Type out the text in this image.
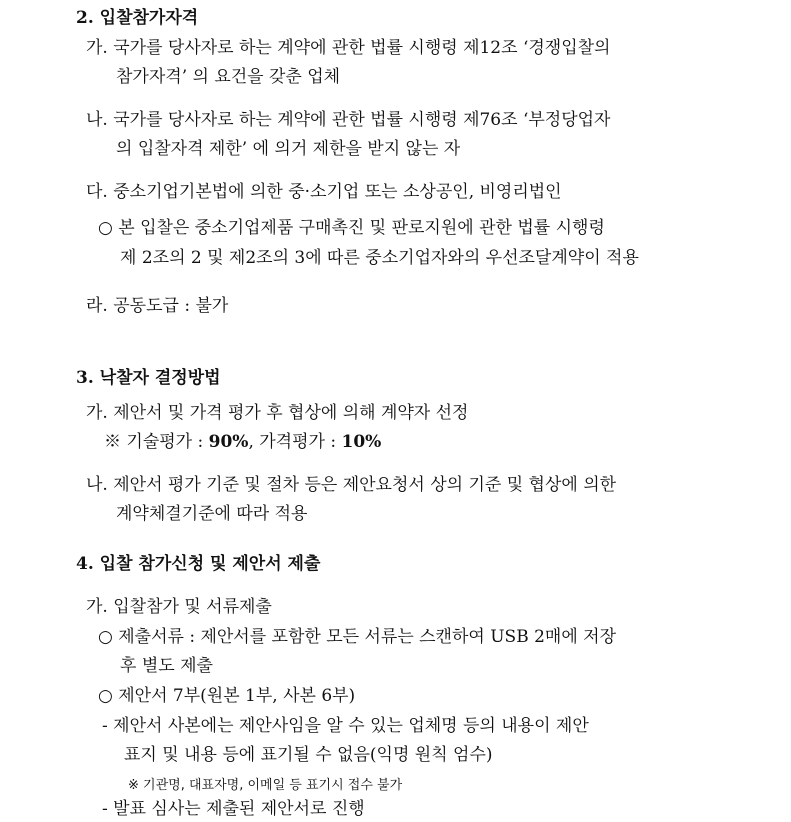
2. 입찰참가자격
가. 국가를 당사자로 하는 계약에 관한 법률 시행령 제12조 ‘경쟁입찰의
참가자격’ 의 요건을 갖춘 업체
나. 국가를 당사자로 하는 계약에 관한 법률 시행령 제76조 ‘부정당업자
의 입찰자격 제한’ 에 의거 제한을 받지 않는 자
다. 중소기업기본법에 의한 중·소기업 또는 소상공인, 비영리법인
○ 본 입찰은 중소기업제품 구매촉진 및 판로지원에 관한 법률 시행령
제 2조의 2 및 제2조의 3에 따른 중소기업자와의 우선조달계약이 적용
라. 공동도급 : 불가
3. 낙찰자 결정방법
가. 제안서 및 가격 평가 후 협상에 의해 계약자 선정
※ 기술평가 : 90%, 가격평가 : 10%
나. 제안서 평가 기준 및 절차 등은 제안요청서 상의 기준 및 협상에 의한
계약체결기준에 따라 적용
4. 입찰 참가신청 및 제안서 제출
가. 입찰참가 및 서류제출
○ 제출서류 : 제안서를 포함한 모든 서류는 스캔하여 USB 2매에 저장
후 별도 제출
○ 제안서 7부(원본 1부, 사본 6부)
- 제안서 사본에는 제안사임을 알 수 있는 업체명 등의 내용이 제안
표지 및 내용 등에 표기될 수 없음(익명 원칙 엄수)
※ 기관명, 대표자명, 이메일 등 표기시 접수 불가
- 발표 심사는 제출된 제안서로 진행
